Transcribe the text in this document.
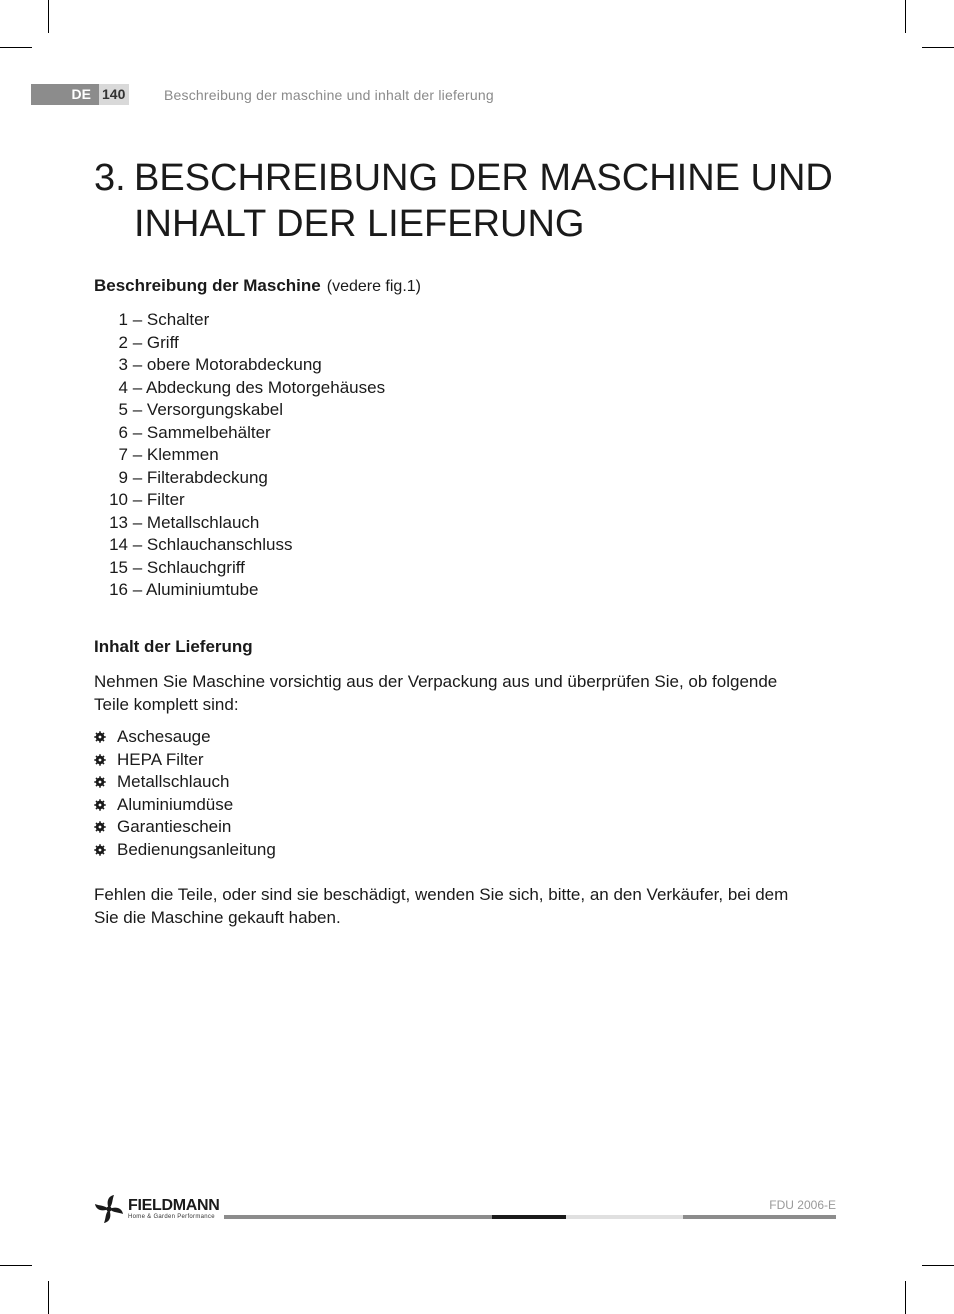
DE 140	Beschreibung der maschine und inhalt der lieferung
3. BESCHREIBUNG DER MASCHINE UND
INHALT DER LIEFERUNG
Beschreibung der Maschine (vedere fig.1)
1 – Schalter
2 – Griff
3 – obere Motorabdeckung
4 – Abdeckung des Motorgehäuses
5 – Versorgungskabel
6 – Sammelbehälter
7 – Klemmen
9 – Filterabdeckung
10 – Filter
13 – Metallschlauch
14 – Schlauchanschluss
15 – Schlauchgriff
16 – Aluminiumtube
Inhalt der Lieferung

Nehmen Sie Maschine vorsichtig aus der Verpackung aus und überprüfen Sie, ob folgende Teile komplett sind:

Aschesauge
HEPA Filter
Metallschlauch
Aluminiumdüse
Garantieschein
Bedienungsanleitung

Fehlen die Teile, oder sind sie beschädigt, wenden Sie sich, bitte, an den Verkäufer, bei dem Sie die Maschine gekauft haben.

FIELDMANN
Home & Garden Performance
FDU 2006-E
